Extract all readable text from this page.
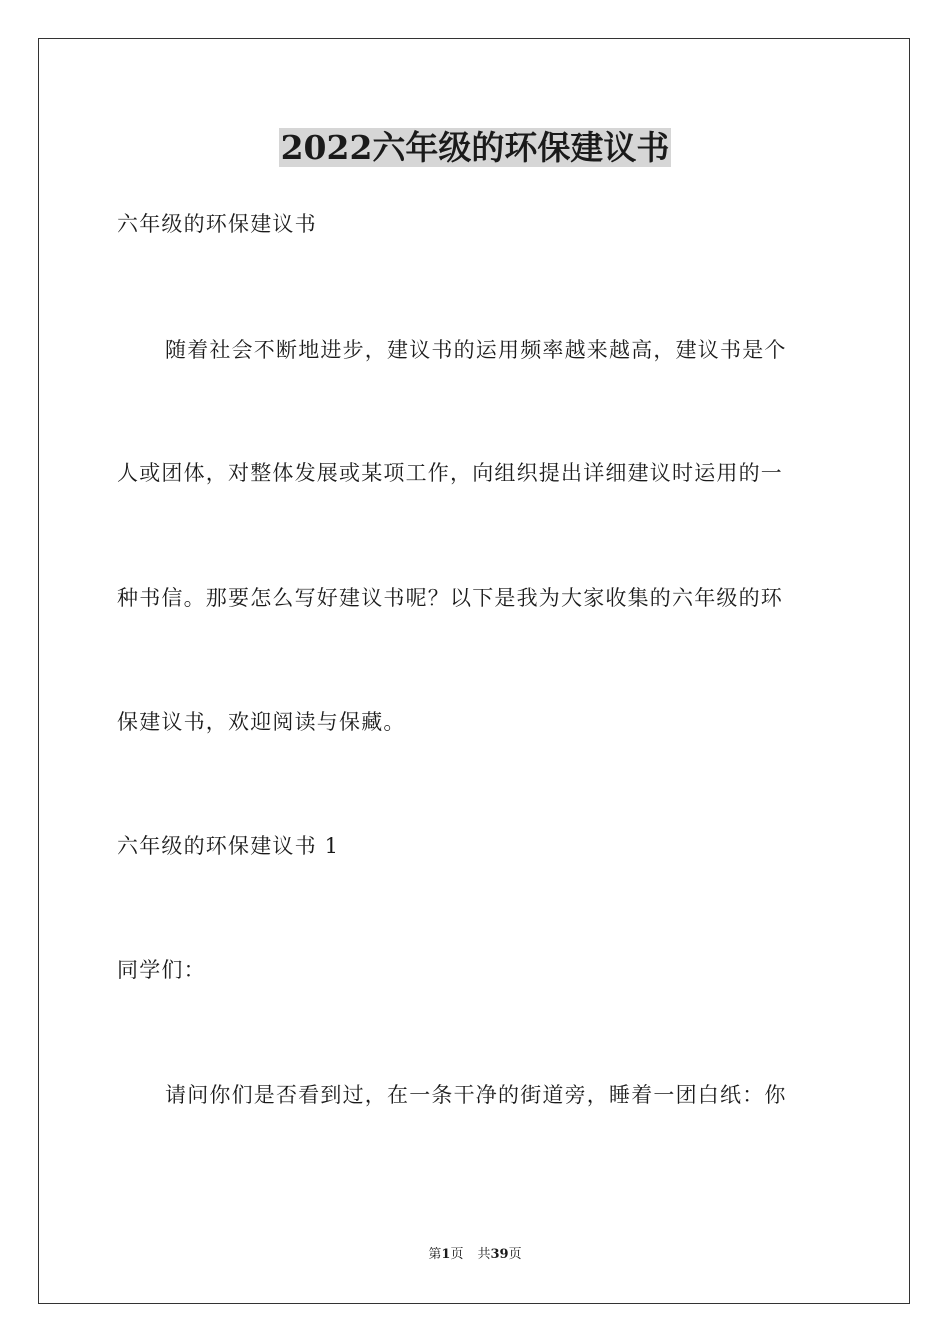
2022六年级的环保建议书
六年级的环保建议书
随着社会不断地进步，建议书的运用频率越来越高，建议书是个
人或团体，对整体发展或某项工作，向组织提出详细建议时运用的一
种书信。那要怎么写好建议书呢？以下是我为大家收集的六年级的环
保建议书，欢迎阅读与保藏。
六年级的环保建议书 1
同学们：
请问你们是否看到过，在一条干净的街道旁，睡着一团白纸：你
第1页 共39页
